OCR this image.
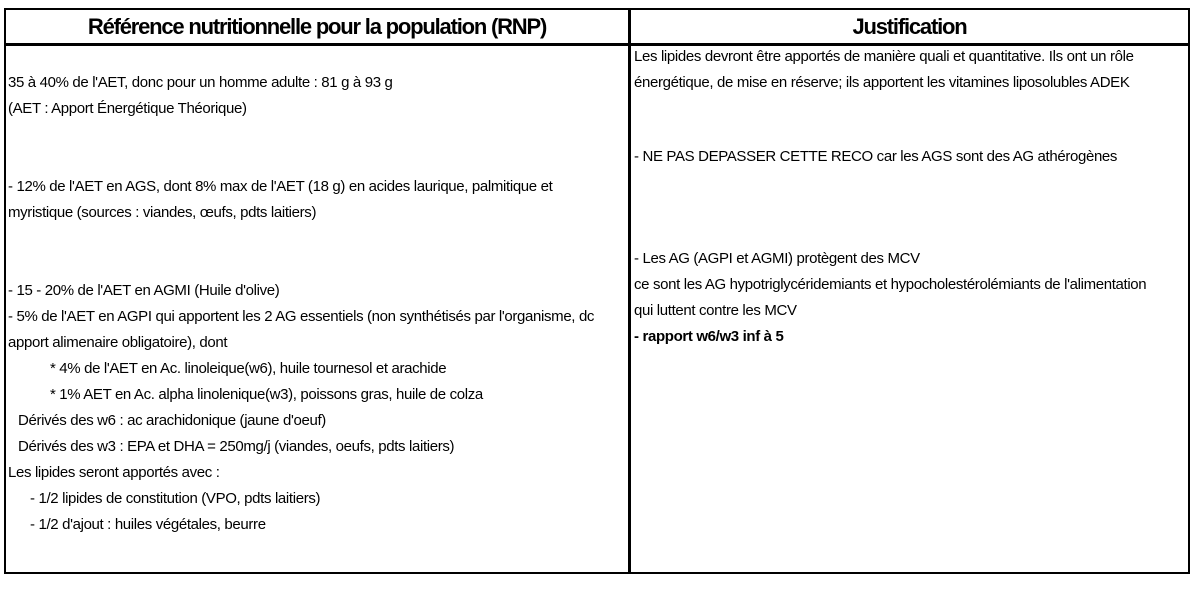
Référence nutritionnelle pour la population (RNP)	Justification
35 à 40% de l'AET, donc pour un homme adulte : 81 g à 93 g
(AET : Apport Énergétique Théorique)
- 12% de l'AET en AGS, dont 8% max de l'AET (18 g) en acides laurique, palmitique et
myristique (sources : viandes, œufs, pdts laitiers)
- 15 - 20% de l'AET en AGMI (Huile d'olive)
- 5% de l'AET en AGPI qui apportent les 2 AG essentiels (non synthétisés par l'organisme, dc
apport alimenaire obligatoire), dont
* 4% de l'AET en Ac. linoleique(w6), huile tournesol et arachide
* 1% AET en Ac. alpha linolenique(w3), poissons gras, huile de colza
Dérivés des w6 : ac arachidonique (jaune d'oeuf)
Dérivés des w3 : EPA et DHA = 250mg/j (viandes, oeufs, pdts laitiers)
Les lipides seront apportés avec :
- 1/2 lipides de constitution (VPO, pdts laitiers)
- 1/2 d'ajout : huiles végétales, beurre
Les lipides devront être apportés de manière quali et quantitative. Ils ont un rôle
énergétique, de mise en réserve; ils apportent les vitamines liposolubles ADEK
- NE PAS DEPASSER CETTE RECO car les AGS sont des AG athérogènes
- Les AG (AGPI et AGMI) protègent des MCV
ce sont les AG hypotriglycéridemiants et hypocholestérolémiants de l'alimentation
qui luttent contre les MCV
- rapport w6/w3 inf à 5
